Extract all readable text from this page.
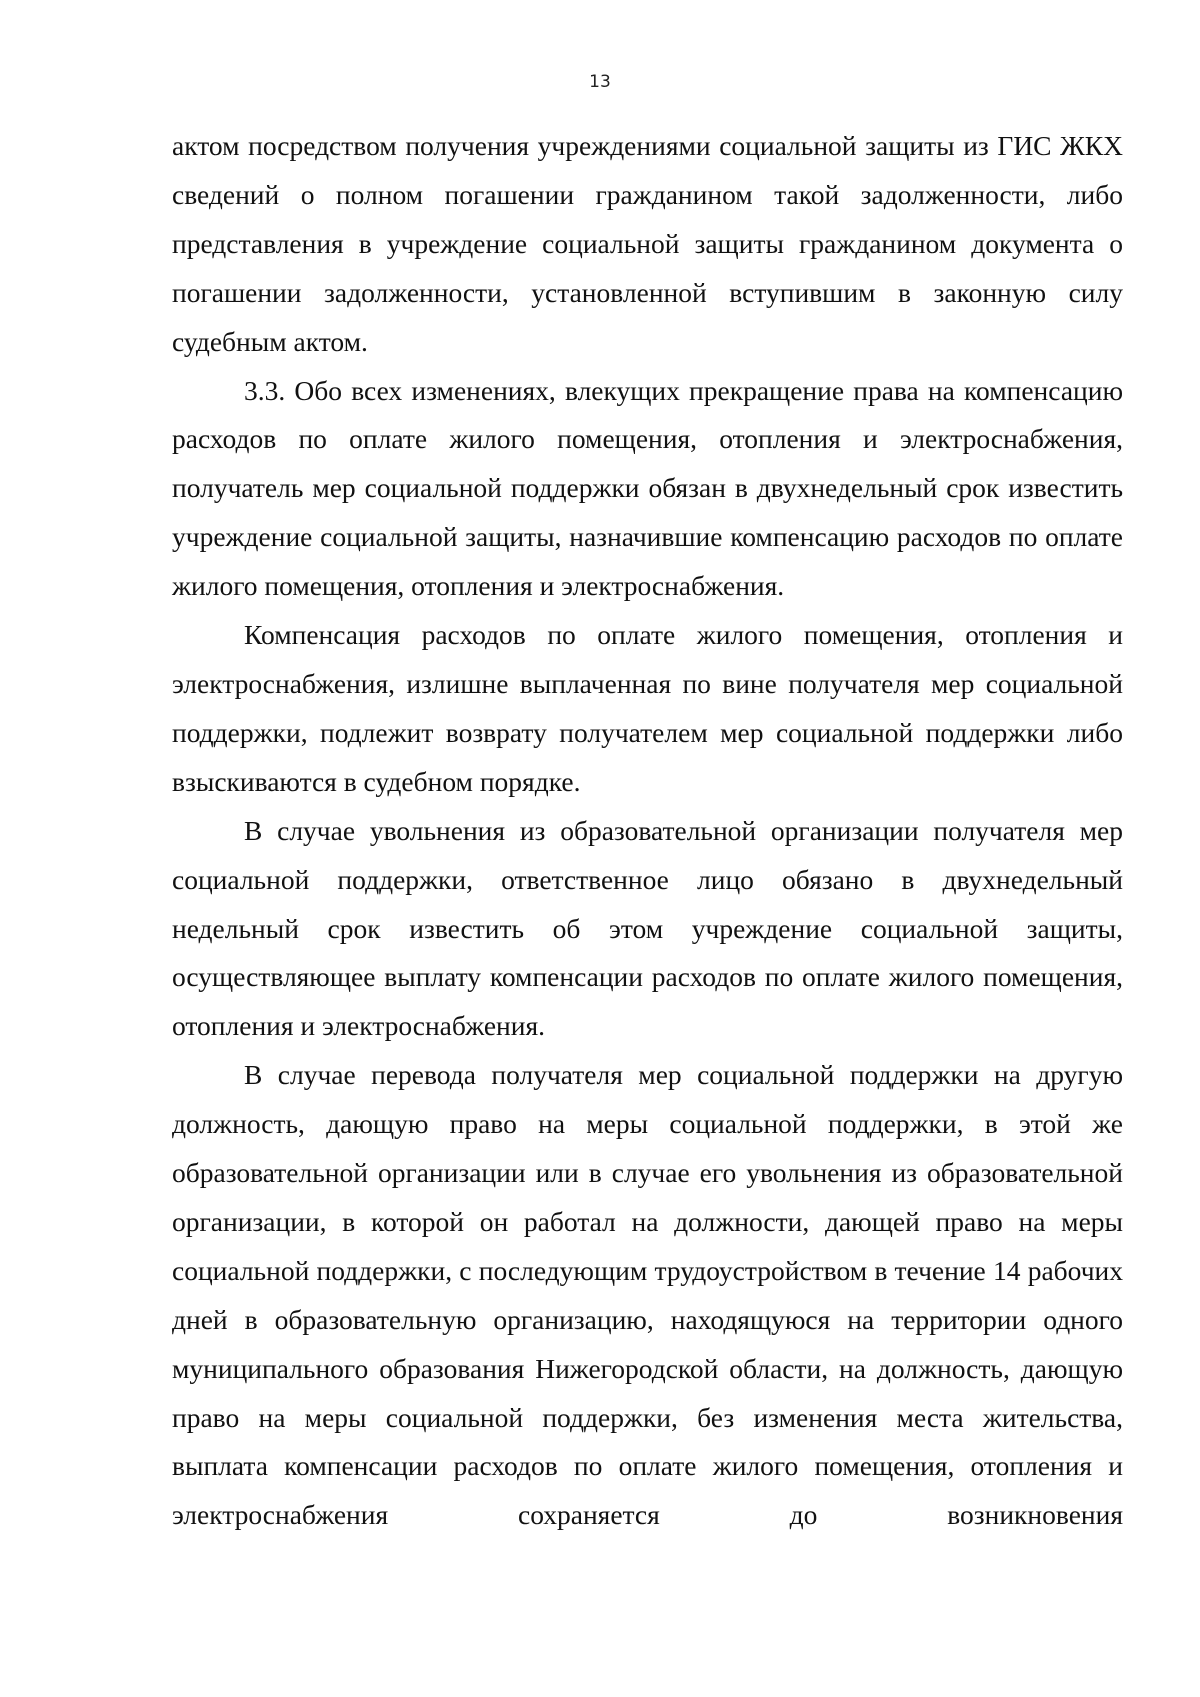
13

актом посредством получения учреждениями социальной защиты из ГИС ЖКХ сведений о полном погашении гражданином такой задолженности, либо представления в учреждение социальной защиты гражданином документа о погашении задолженности, установленной вступившим в законную силу судебным актом.

3.3. Обо всех изменениях, влекущих прекращение права на компенсацию расходов по оплате жилого помещения, отопления и электроснабжения, получатель мер социальной поддержки обязан в двухнедельный срок известить учреждение социальной защиты, назначившие компенсацию расходов по оплате жилого помещения, отопления и электроснабжения.

Компенсация расходов по оплате жилого помещения, отопления и электроснабжения, излишне выплаченная по вине получателя мер социальной поддержки, подлежит возврату получателем мер социальной поддержки либо взыскиваются в судебном порядке.

В случае увольнения из образовательной организации получателя мер социальной поддержки, ответственное лицо обязано в двухнедельный недельный срок известить об этом учреждение социальной защиты, осуществляющее выплату компенсации расходов по оплате жилого помещения, отопления и электроснабжения.

В случае перевода получателя мер социальной поддержки на другую должность, дающую право на меры социальной поддержки, в этой же образовательной организации или в случае его увольнения из образовательной организации, в которой он работал на должности, дающей право на меры социальной поддержки, с последующим трудоустройством в течение 14 рабочих дней в образовательную организацию, находящуюся на территории одного муниципального образования Нижегородской области, на должность, дающую право на меры социальной поддержки, без изменения места жительства, выплата компенсации расходов по оплате жилого помещения, отопления и электроснабжения сохраняется до возникновения
